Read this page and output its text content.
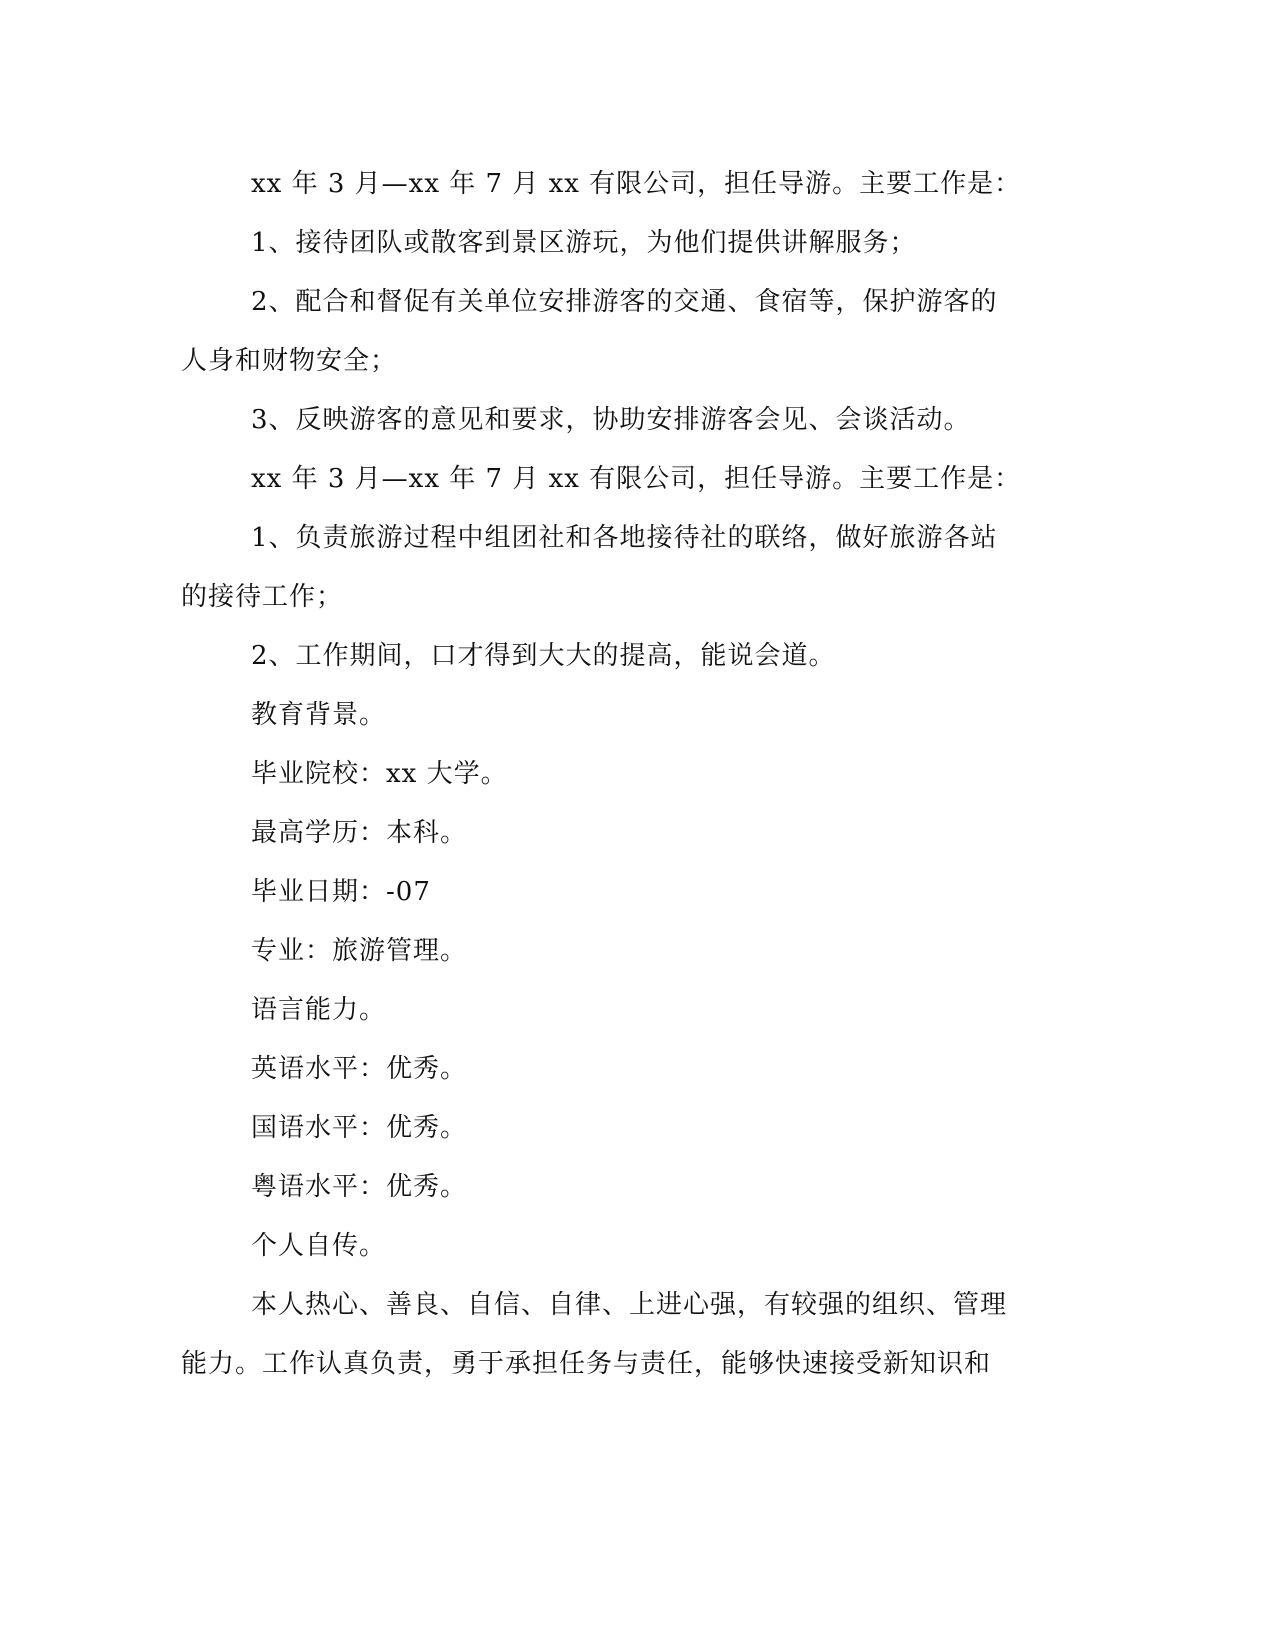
xx 年 3 月—xx 年 7 月 xx 有限公司，担任导游。主要工作是：
1、接待团队或散客到景区游玩，为他们提供讲解服务；
2、配合和督促有关单位安排游客的交通、食宿等，保护游客的
人身和财物安全；
3、反映游客的意见和要求，协助安排游客会见、会谈活动。
xx 年 3 月—xx 年 7 月 xx 有限公司，担任导游。主要工作是：
1、负责旅游过程中组团社和各地接待社的联络，做好旅游各站
的接待工作；
2、工作期间，口才得到大大的提高，能说会道。
教育背景。
毕业院校：xx 大学。
最高学历：本科。
毕业日期：-07
专业：旅游管理。
语言能力。
英语水平：优秀。
国语水平：优秀。
粤语水平：优秀。
个人自传。
本人热心、善良、自信、自律、上进心强，有较强的组织、管理
能力。工作认真负责，勇于承担任务与责任，能够快速接受新知识和
